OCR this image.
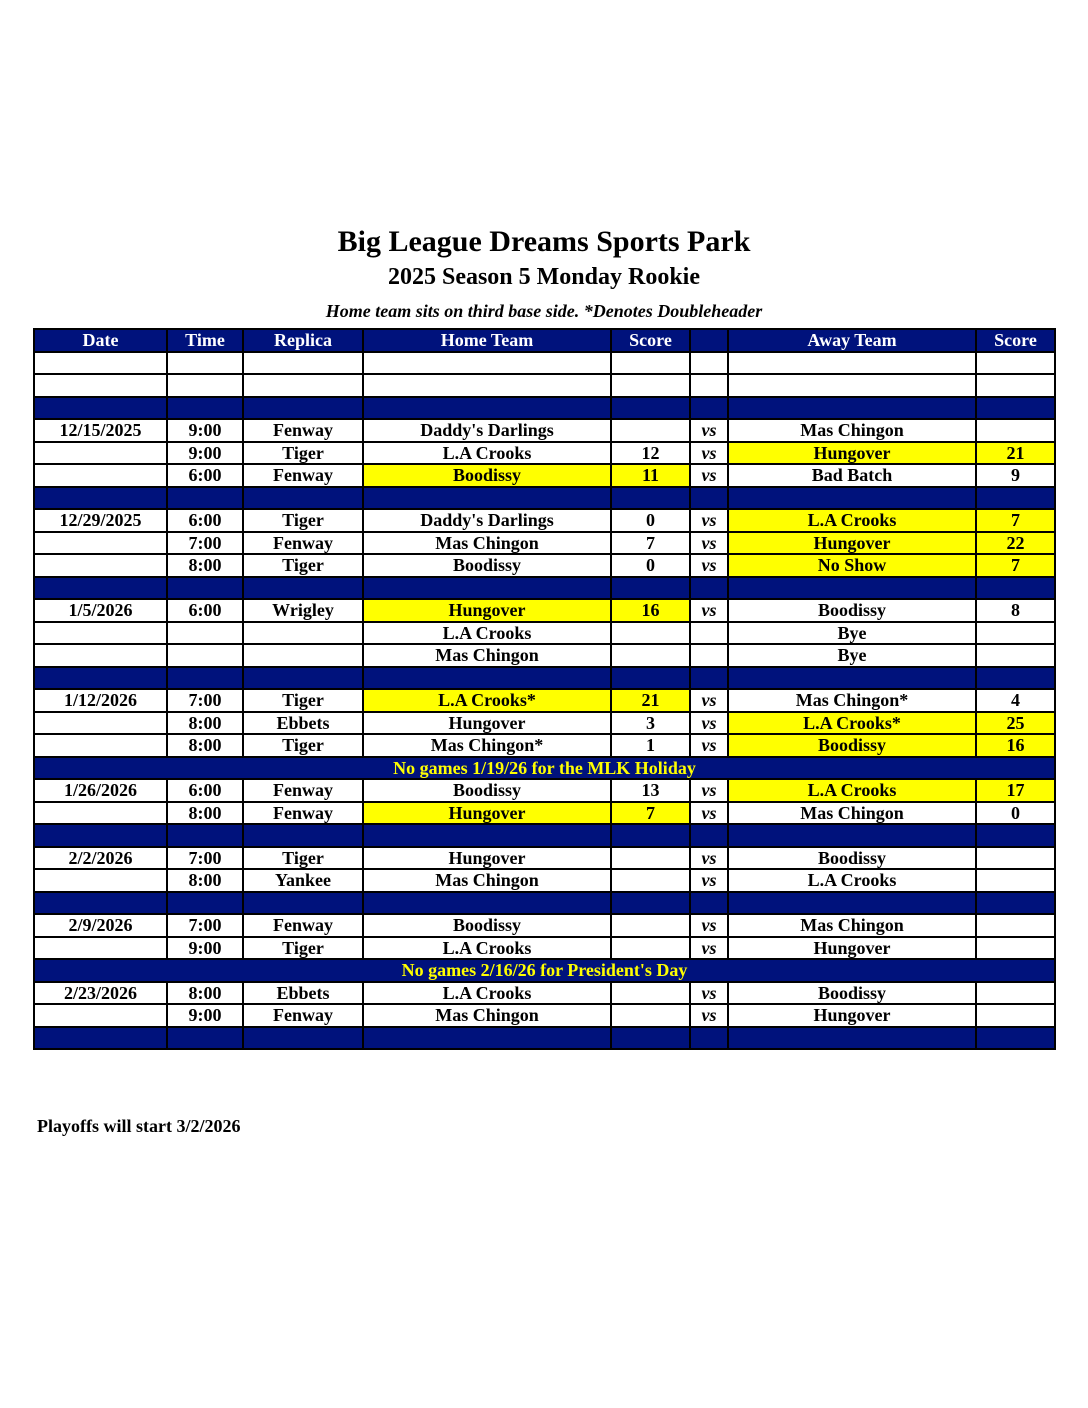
Big League Dreams Sports Park
2025 Season 5 Monday Rookie
Home team sits on third base side. *Denotes Doubleheader
Date	Time	Replica	Home Team	Score		Away Team	Score

12/15/2025	9:00	Fenway	Daddy's Darlings		vs	Mas Chingon	
	9:00	Tiger	L.A Crooks	12	vs	Hungover	21
	6:00	Fenway	Boodissy	11	vs	Bad Batch	9

12/29/2025	6:00	Tiger	Daddy's Darlings	0	vs	L.A Crooks	7
	7:00	Fenway	Mas Chingon	7	vs	Hungover	22
	8:00	Tiger	Boodissy	0	vs	No Show	7

1/5/2026	6:00	Wrigley	Hungover	16	vs	Boodissy	8
			L.A Crooks			Bye	
			Mas Chingon			Bye	

1/12/2026	7:00	Tiger	L.A Crooks*	21	vs	Mas Chingon*	4
	8:00	Ebbets	Hungover	3	vs	L.A Crooks*	25
	8:00	Tiger	Mas Chingon*	1	vs	Boodissy	16
No games 1/19/26 for the MLK Holiday							
1/26/2026	6:00	Fenway	Boodissy	13	vs	L.A Crooks	17
	8:00	Fenway	Hungover	7	vs	Mas Chingon	0

2/2/2026	7:00	Tiger	Hungover		vs	Boodissy	
	8:00	Yankee	Mas Chingon		vs	L.A Crooks	

2/9/2026	7:00	Fenway	Boodissy		vs	Mas Chingon	
	9:00	Tiger	L.A Crooks		vs	Hungover	
No games 2/16/26 for President's Day							
2/23/2026	8:00	Ebbets	L.A Crooks		vs	Boodissy	
	9:00	Fenway	Mas Chingon		vs	Hungover	

Playoffs will start 3/2/2026
